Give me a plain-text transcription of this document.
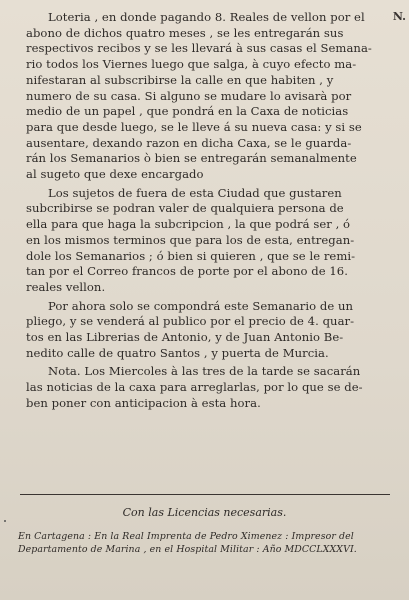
N.

Loteria , en donde pagando 8. Reales de vellon por el
abono de dichos quatro meses , se les entregarán sus
respectivos recibos y se les llevará à sus casas el Semana-
rio todos los Viernes luego que salga, à cuyo efecto ma-
nifestaran al subscribirse la calle en que habiten , y
numero de su casa. Si alguno se mudare lo avisarà por
medio de un papel , que pondrá en la Caxa de noticias
para que desde luego, se le lleve á su nueva casa: y si se
ausentare, dexando razon en dicha Caxa, se le guarda-
rán los Semanarios ò bien se entregarán semanalmente
al sugeto que dexe encargado

Los sujetos de fuera de esta Ciudad que gustaren
subcribirse se podran valer de qualquiera persona de
ella para que haga la subcripcion , la que podrá ser , ó
en los mismos terminos que para los de esta, entregan-
dole los Semanarios ; ó bien si quieren , que se le remi-
tan por el Correo francos de porte por el abono de 16.
reales vellon.

Por ahora solo se compondrá este Semanario de un
pliego, y se venderá al publico por el precio de 4. quar-
tos en las Librerias de Antonio, y de Juan Antonio Be-
nedito calle de quatro Santos , y puerta de Murcia.

Nota. Los Miercoles à las tres de la tarde se sacarán
las noticias de la caxa para arreglarlas, por lo que se de-
ben poner con anticipacion à esta hora.

Con las Licencias necesarias.
En Cartagena : En la Real Imprenta de Pedro Ximenez : Impresor del
Departamento de Marina , en el Hospital Militar : Año MDCCLXXXVI.
